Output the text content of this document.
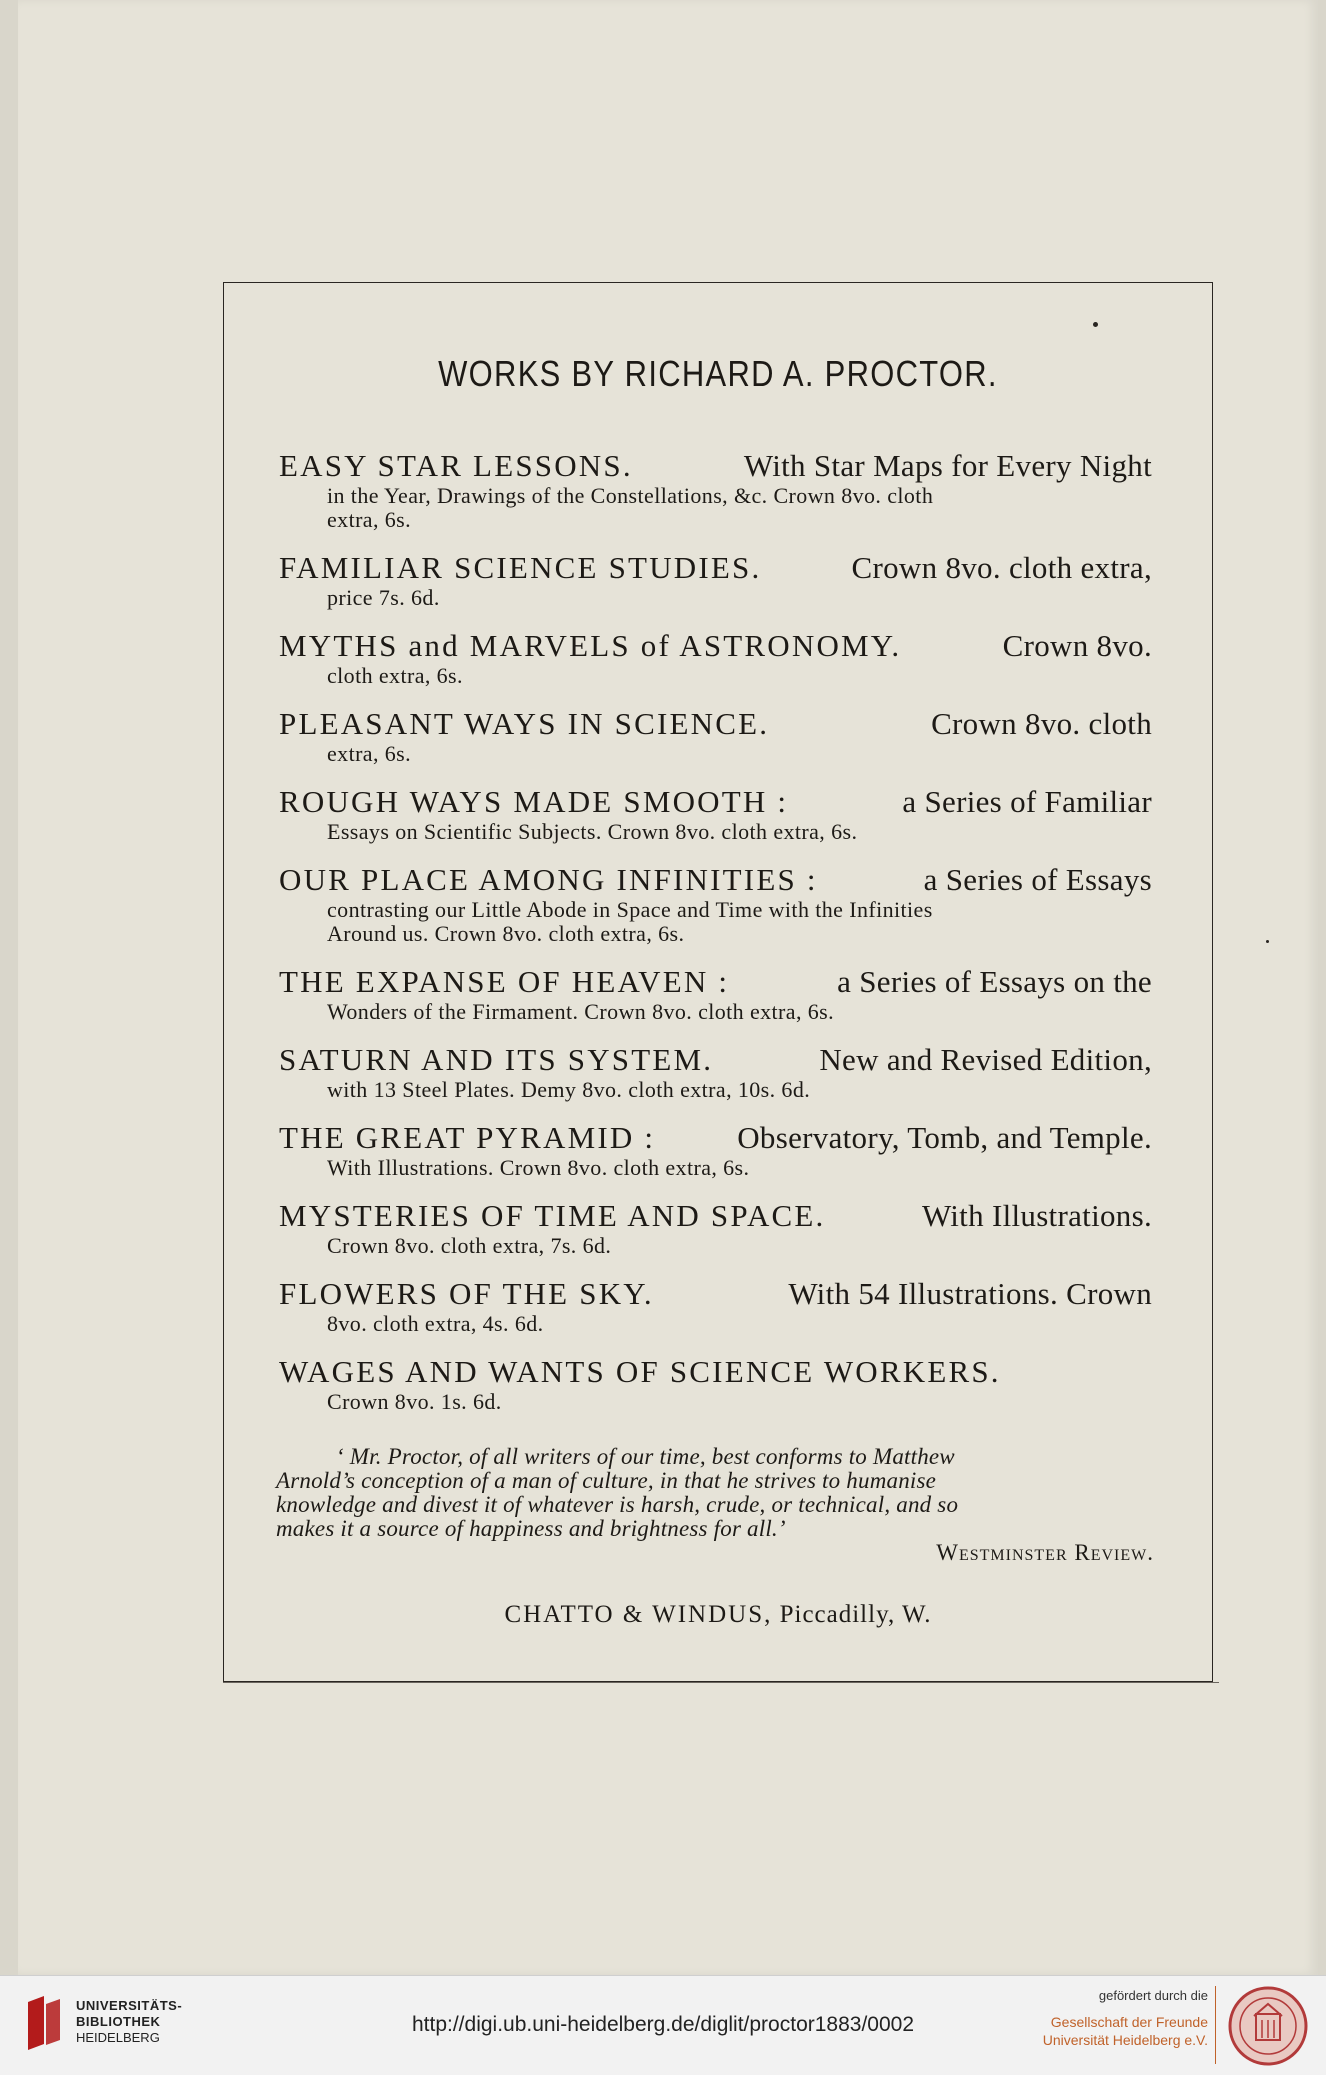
WORKS BY RICHARD A. PROCTOR.
EASY STAR LESSONS.	With Star Maps for Every Night
in the Year, Drawings of the Constellations, &c. Crown 8vo. cloth
extra, 6s.
FAMILIAR SCIENCE STUDIES.	Crown 8vo. cloth extra,
price 7s. 6d.
MYTHS and MARVELS of ASTRONOMY.	Crown 8vo.
cloth extra, 6s.
PLEASANT WAYS IN SCIENCE.	Crown 8vo. cloth
extra, 6s.
ROUGH WAYS MADE SMOOTH :	a Series of Familiar
Essays on Scientific Subjects. Crown 8vo. cloth extra, 6s.
OUR PLACE AMONG INFINITIES :	a Series of Essays
contrasting our Little Abode in Space and Time with the Infinities
Around us. Crown 8vo. cloth extra, 6s.
THE EXPANSE OF HEAVEN :	a Series of Essays on the
Wonders of the Firmament. Crown 8vo. cloth extra, 6s.
SATURN AND ITS SYSTEM.	New and Revised Edition,
with 13 Steel Plates. Demy 8vo. cloth extra, 10s. 6d.
THE GREAT PYRAMID :	Observatory, Tomb, and Temple.
With Illustrations. Crown 8vo. cloth extra, 6s.
MYSTERIES OF TIME AND SPACE.	With Illustrations.
Crown 8vo. cloth extra, 7s. 6d.
FLOWERS OF THE SKY.	With 54 Illustrations. Crown
8vo. cloth extra, 4s. 6d.
WAGES AND WANTS OF SCIENCE WORKERS.
Crown 8vo. 1s. 6d.
‘ Mr. Proctor, of all writers of our time, best conforms to Matthew
Arnold’s conception of a man of culture, in that he strives to humanise
knowledge and divest it of whatever is harsh, crude, or technical, and so
makes it a source of happiness and brightness for all.’
Westminster Review.
CHATTO & WINDUS, Piccadilly, W.
UNIVERSITÄTS-
BIBLIOTHEK
HEIDELBERG
http://digi.ub.uni-heidelberg.de/diglit/proctor1883/0002
gefördert durch die
Gesellschaft der Freunde
Universität Heidelberg e.V.
